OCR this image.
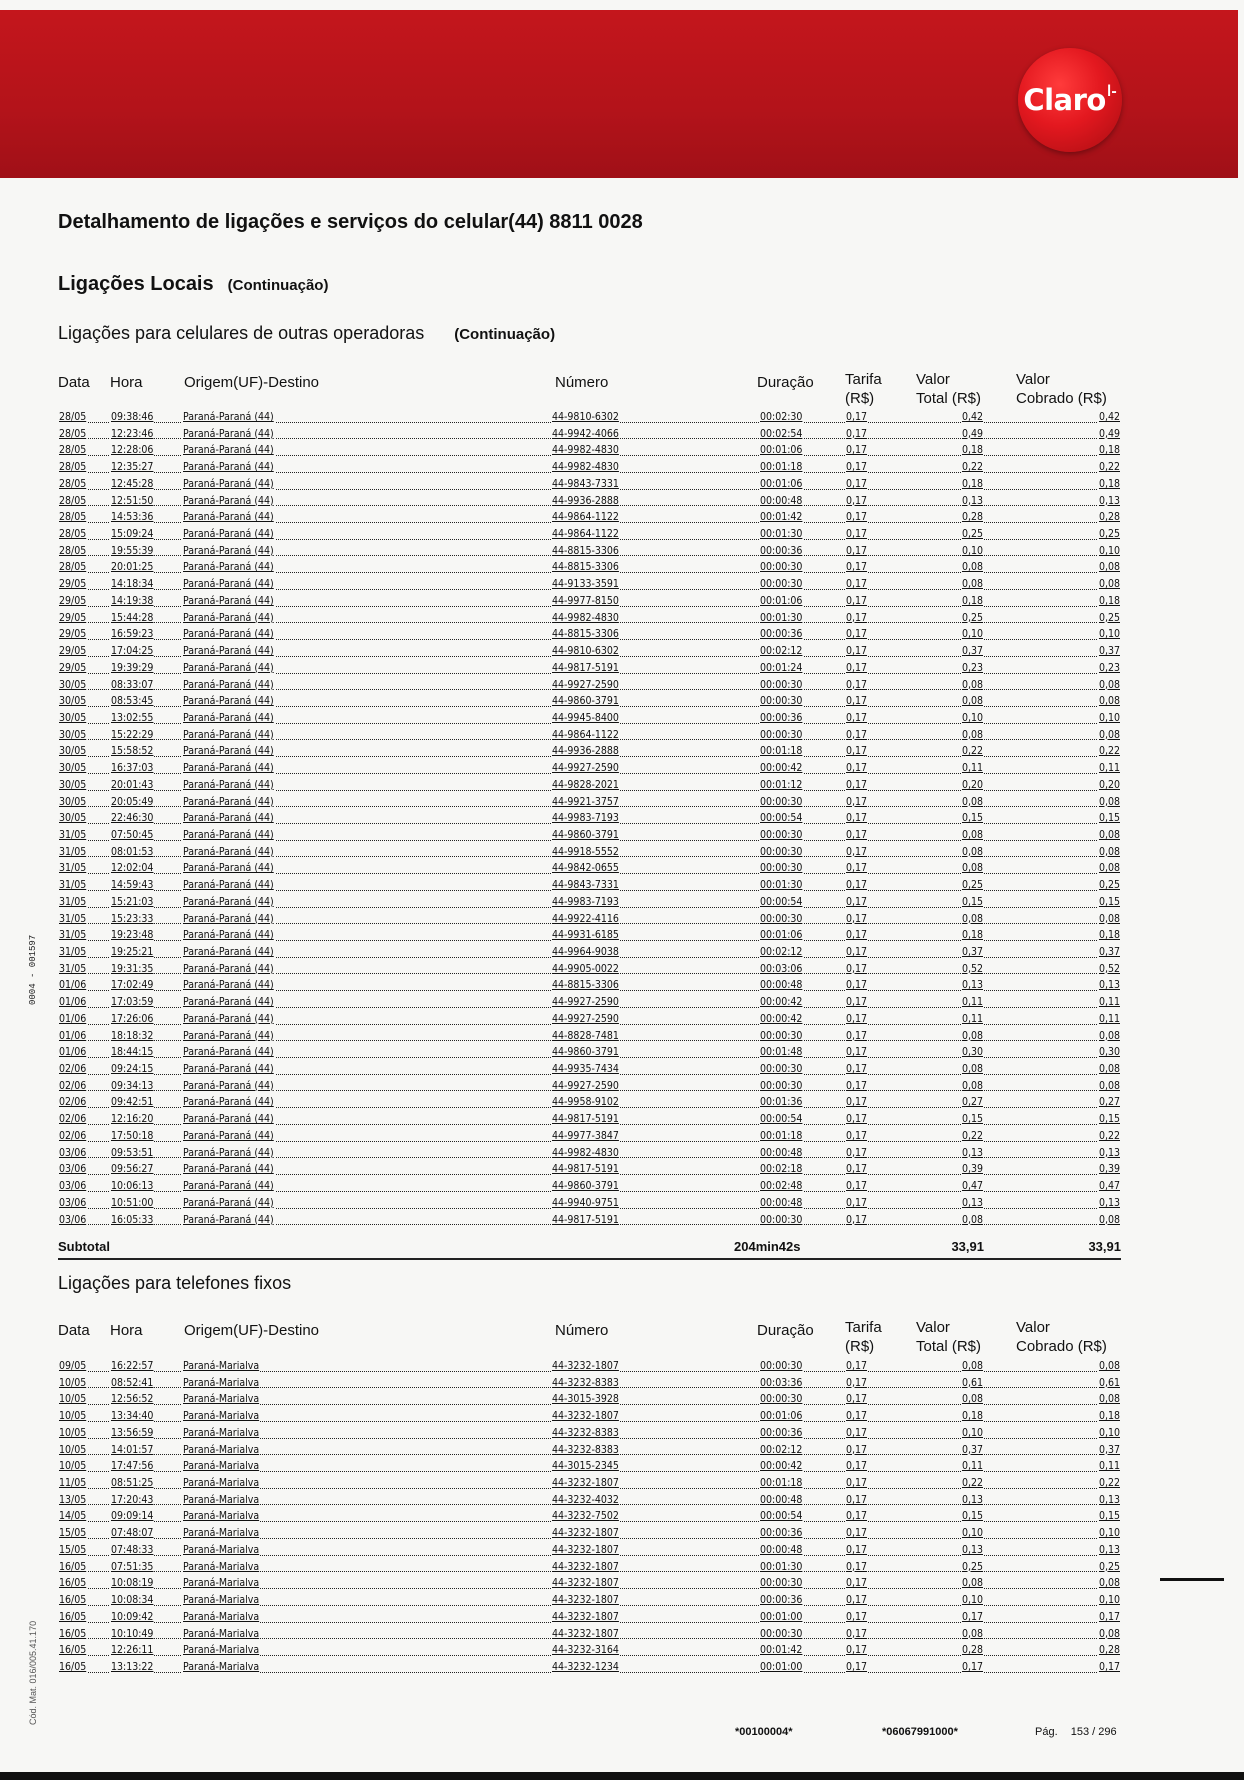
Claro ǀ-
0004 - 001597
Cód. Mat. 016/005.41.170
Detalhamento de ligações e serviços do celular(44) 8811 0028
Ligações Locais (Continuação)
Ligações para celulares de outras operadoras (Continuação)
Data Hora	Origem(UF)-Destino	Número	Duração Tarifa
(R$)
Valor
Total (R$)
Valor
Cobrado (R$)
28/05 09:38:46	Paraná-Paraná (44)	44-9810-6302	00:02:30	0,17	0,42	0,42
28/05 12:23:46	Paraná-Paraná (44)	44-9942-4066	00:02:54	0,17	0,49	0,49
28/05 12:28:06	Paraná-Paraná (44)	44-9982-4830	00:01:06	0,17	0,18	0,18
28/05 12:35:27	Paraná-Paraná (44)	44-9982-4830	00:01:18	0,17	0,22	0,22
28/05 12:45:28	Paraná-Paraná (44)	44-9843-7331	00:01:06	0,17	0,18	0,18
28/05 12:51:50	Paraná-Paraná (44)	44-9936-2888	00:00:48	0,17	0,13	0,13
28/05 14:53:36	Paraná-Paraná (44)	44-9864-1122	00:01:42	0,17	0,28	0,28
28/05 15:09:24	Paraná-Paraná (44)	44-9864-1122	00:01:30	0,17	0,25	0,25
28/05 19:55:39	Paraná-Paraná (44)	44-8815-3306	00:00:36	0,17	0,10	0,10
28/05 20:01:25	Paraná-Paraná (44)	44-8815-3306	00:00:30	0,17	0,08	0,08
29/05 14:18:34	Paraná-Paraná (44)	44-9133-3591	00:00:30	0,17	0,08	0,08
29/05 14:19:38	Paraná-Paraná (44)	44-9977-8150	00:01:06	0,17	0,18	0,18
29/05 15:44:28	Paraná-Paraná (44)	44-9982-4830	00:01:30	0,17	0,25	0,25
29/05 16:59:23	Paraná-Paraná (44)	44-8815-3306	00:00:36	0,17	0,10	0,10
29/05 17:04:25	Paraná-Paraná (44)	44-9810-6302	00:02:12	0,17	0,37	0,37
29/05 19:39:29	Paraná-Paraná (44)	44-9817-5191	00:01:24	0,17	0,23	0,23
30/05 08:33:07	Paraná-Paraná (44)	44-9927-2590	00:00:30	0,17	0,08	0,08
30/05 08:53:45	Paraná-Paraná (44)	44-9860-3791	00:00:30	0,17	0,08	0,08
30/05 13:02:55	Paraná-Paraná (44)	44-9945-8400	00:00:36	0,17	0,10	0,10
30/05 15:22:29	Paraná-Paraná (44)	44-9864-1122	00:00:30	0,17	0,08	0,08
30/05 15:58:52	Paraná-Paraná (44)	44-9936-2888	00:01:18	0,17	0,22	0,22
30/05 16:37:03	Paraná-Paraná (44)	44-9927-2590	00:00:42	0,17	0,11	0,11
30/05 20:01:43	Paraná-Paraná (44)	44-9828-2021	00:01:12	0,17	0,20	0,20
30/05 20:05:49	Paraná-Paraná (44)	44-9921-3757	00:00:30	0,17	0,08	0,08
30/05 22:46:30	Paraná-Paraná (44)	44-9983-7193	00:00:54	0,17	0,15	0,15
31/05 07:50:45	Paraná-Paraná (44)	44-9860-3791	00:00:30	0,17	0,08	0,08
31/05 08:01:53	Paraná-Paraná (44)	44-9918-5552	00:00:30	0,17	0,08	0,08
31/05 12:02:04	Paraná-Paraná (44)	44-9842-0655	00:00:30	0,17	0,08	0,08
31/05 14:59:43	Paraná-Paraná (44)	44-9843-7331	00:01:30	0,17	0,25	0,25
31/05 15:21:03	Paraná-Paraná (44)	44-9983-7193	00:00:54	0,17	0,15	0,15
31/05 15:23:33	Paraná-Paraná (44)	44-9922-4116	00:00:30	0,17	0,08	0,08
31/05 19:23:48	Paraná-Paraná (44)	44-9931-6185	00:01:06	0,17	0,18	0,18
31/05 19:25:21	Paraná-Paraná (44)	44-9964-9038	00:02:12	0,17	0,37	0,37
31/05 19:31:35	Paraná-Paraná (44)	44-9905-0022	00:03:06	0,17	0,52	0,52
01/06 17:02:49	Paraná-Paraná (44)	44-8815-3306	00:00:48	0,17	0,13	0,13
01/06 17:03:59	Paraná-Paraná (44)	44-9927-2590	00:00:42	0,17	0,11	0,11
01/06 17:26:06	Paraná-Paraná (44)	44-9927-2590	00:00:42	0,17	0,11	0,11
01/06 18:18:32	Paraná-Paraná (44)	44-8828-7481	00:00:30	0,17	0,08	0,08
01/06 18:44:15	Paraná-Paraná (44)	44-9860-3791	00:01:48	0,17	0,30	0,30
02/06 09:24:15	Paraná-Paraná (44)	44-9935-7434	00:00:30	0,17	0,08	0,08
02/06 09:34:13	Paraná-Paraná (44)	44-9927-2590	00:00:30	0,17	0,08	0,08
02/06 09:42:51	Paraná-Paraná (44)	44-9958-9102	00:01:36	0,17	0,27	0,27
02/06 12:16:20	Paraná-Paraná (44)	44-9817-5191	00:00:54	0,17	0,15	0,15
02/06 17:50:18	Paraná-Paraná (44)	44-9977-3847	00:01:18	0,17	0,22	0,22
03/06 09:53:51	Paraná-Paraná (44)	44-9982-4830	00:00:48	0,17	0,13	0,13
03/06 09:56:27	Paraná-Paraná (44)	44-9817-5191	00:02:18	0,17	0,39	0,39
03/06 10:06:13	Paraná-Paraná (44)	44-9860-3791	00:02:48	0,17	0,47	0,47
03/06 10:51:00	Paraná-Paraná (44)	44-9940-9751	00:00:48	0,17	0,13	0,13
03/06 16:05:33	Paraná-Paraná (44)	44-9817-5191	00:00:30	0,17	0,08	0,08
Subtotal	204min42s	33,91	33,91
Ligações para telefones fixos
Data Hora	Origem(UF)-Destino	Número	Duração Tarifa
(R$)
Valor
Total (R$)
Valor
Cobrado (R$)
09/05 16:22:57	Paraná-Marialva	44-3232-1807	00:00:30	0,17	0,08	0,08
10/05 08:52:41	Paraná-Marialva	44-3232-8383	00:03:36	0,17	0,61	0,61
10/05 12:56:52	Paraná-Marialva	44-3015-3928	00:00:30	0,17	0,08	0,08
10/05 13:34:40	Paraná-Marialva	44-3232-1807	00:01:06	0,17	0,18	0,18
10/05 13:56:59	Paraná-Marialva	44-3232-8383	00:00:36	0,17	0,10	0,10
10/05 14:01:57	Paraná-Marialva	44-3232-8383	00:02:12	0,17	0,37	0,37
10/05 17:47:56	Paraná-Marialva	44-3015-2345	00:00:42	0,17	0,11	0,11
11/05 08:51:25	Paraná-Marialva	44-3232-1807	00:01:18	0,17	0,22	0,22
13/05 17:20:43	Paraná-Marialva	44-3232-4032	00:00:48	0,17	0,13	0,13
14/05 09:09:14	Paraná-Marialva	44-3232-7502	00:00:54	0,17	0,15	0,15
15/05 07:48:07	Paraná-Marialva	44-3232-1807	00:00:36	0,17	0,10	0,10
15/05 07:48:33	Paraná-Marialva	44-3232-1807	00:00:48	0,17	0,13	0,13
16/05 07:51:35	Paraná-Marialva	44-3232-1807	00:01:30	0,17	0,25	0,25
16/05 10:08:19	Paraná-Marialva	44-3232-1807	00:00:30	0,17	0,08	0,08
16/05 10:08:34	Paraná-Marialva	44-3232-1807	00:00:36	0,17	0,10	0,10
16/05 10:09:42	Paraná-Marialva	44-3232-1807	00:01:00	0,17	0,17	0,17
16/05 10:10:49	Paraná-Marialva	44-3232-1807	00:00:30	0,17	0,08	0,08
16/05 12:26:11	Paraná-Marialva	44-3232-3164	00:01:42	0,17	0,28	0,28
16/05 13:13:22	Paraná-Marialva	44-3232-1234	00:01:00	0,17	0,17	0,17
*00100004*	*06067991000*	Pág. 153 / 296
